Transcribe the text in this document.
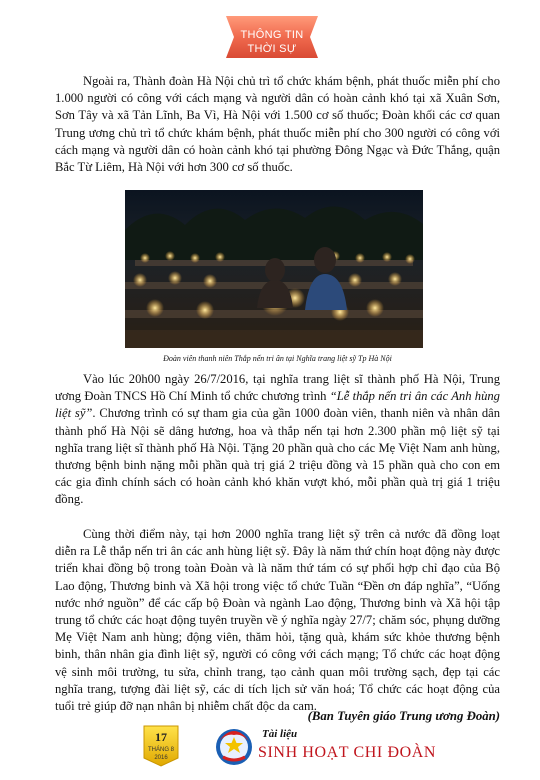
THÔNG TIN
THỜI SỰ

Ngoài ra, Thành đoàn Hà Nội chủ trì tổ chức khám bệnh, phát thuốc miễn phí cho 1.000 người có công với cách mạng và người dân có hoàn cảnh khó tại xã Xuân Sơn, Sơn Tây và xã Tản Lĩnh, Ba Vì, Hà Nội với 1.500 cơ số thuốc; Đoàn khối các cơ quan Trung ương chủ trì tổ chức khám bệnh, phát thuốc miễn phí cho 300 người có công với cách mạng và người dân có hoàn cảnh khó tại phường Đông Ngạc và Đức Thắng, quận Bắc Từ Liêm, Hà Nội với hơn 300 cơ số thuốc.

Đoàn viên thanh niên Thắp nến tri ân tại Nghĩa trang liệt sỹ Tp Hà Nội

Vào lúc 20h00 ngày 26/7/2016, tại nghĩa trang liệt sĩ thành phố Hà Nội, Trung ương Đoàn TNCS Hồ Chí Minh tổ chức chương trình “Lễ thắp nến tri ân các Anh hùng liệt sỹ”. Chương trình có sự tham gia của gần 1000 đoàn viên, thanh niên và nhân dân thành phố Hà Nội sẽ dâng hương, hoa và thắp nến tại hơn 2.300 phần mộ liệt sỹ tại nghĩa trang liệt sĩ thành phố Hà Nội. Tặng 20 phần quà cho các Mẹ Việt Nam anh hùng, thương bệnh binh nặng mỗi phần quà trị giá 2 triệu đồng và 15 phần quà cho con em các gia đình chính sách có hoàn cảnh khó khăn vượt khó, mỗi phần quà trị giá 1 triệu đồng.

Cùng thời điểm này, tại hơn 2000 nghĩa trang liệt sỹ trên cả nước đã đồng loạt diễn ra Lễ thắp nến tri ân các anh hùng liệt sỹ. Đây là năm thứ chín hoạt động này được triển khai đồng bộ trong toàn Đoàn và là năm thứ tám có sự phối hợp chỉ đạo của Bộ Lao động, Thương binh và Xã hội trong việc tổ chức Tuần “Đền ơn đáp nghĩa”, “Uống nước nhớ nguồn” để các cấp bộ Đoàn và ngành Lao động, Thương binh và Xã hội tập trung tổ chức các hoạt động tuyên truyền về ý nghĩa ngày 27/7; chăm sóc, phụng dưỡng Mẹ Việt Nam anh hùng; động viên, thăm hỏi, tặng quà, khám sức khỏe thương bệnh binh, thân nhân gia đình liệt sỹ, người có công với cách mạng; Tổ chức các hoạt động vệ sinh môi trường, tu sửa, chỉnh trang, tạo cảnh quan môi trường sạch, đẹp tại các nghĩa trang, tượng đài liệt sỹ, các di tích lịch sử văn hoá; Tổ chức các hoạt động của tuổi trẻ giúp đỡ nạn nhân bị nhiễm chất độc da cam.

(Ban Tuyên giáo Trung ương Đoàn)
17
THÁNG 8
2016
Tài liệu
SINH HOẠT CHI ĐOÀN
